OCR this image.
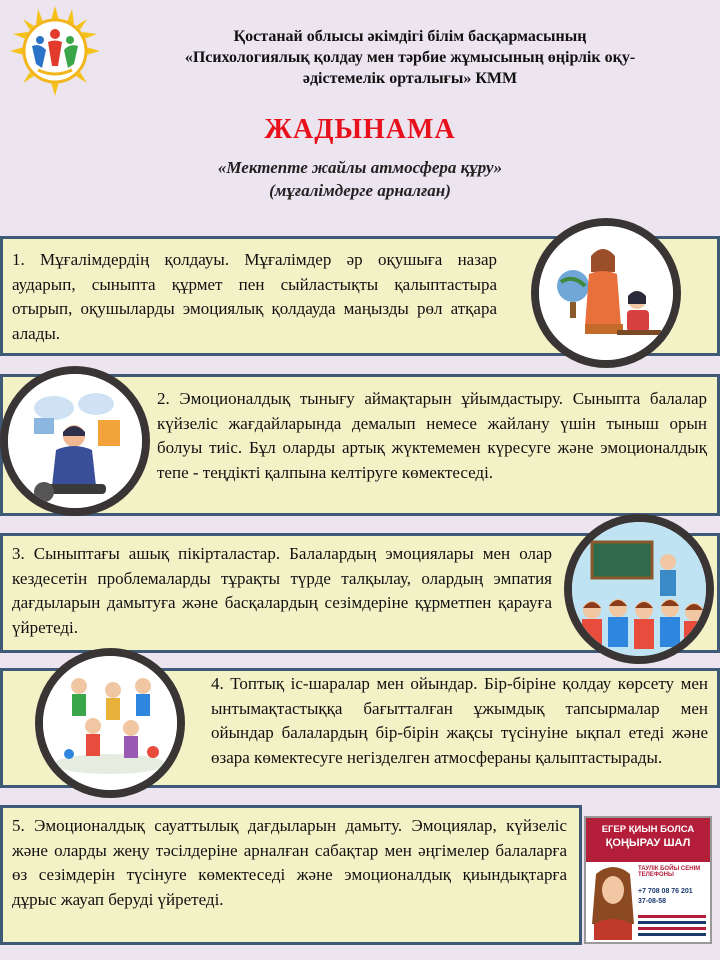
Қостанай облысы әкімдігі білім басқармасының
«Психологиялық қолдау мен тәрбие жұмысының өңірлік оқу-
әдістемелік орталығы» КММ
ЖАДЫНАМА
«Мектепте жайлы атмосфера құру»
(мұғалімдерге арналған)
1. Мұғалімдердің қолдауы. Мұғалімдер әр оқушыға назар аударып, сыныпта құрмет пен сыйластықты қалыптастыра отырып, оқушыларды эмоциялық қолдауда маңызды рөл атқара алады.
2. Эмоционалдық тынығу аймақтарын ұйымдастыру. Сыныпта балалар күйзеліс жағдайларында демалып немесе жайлану үшін тыныш орын болуы тиіс. Бұл оларды артық жүктемемен күресуге және эмоционалдық тепе - теңдікті қалпына келтіруге көмектеседі.
3. Сыныптағы ашық пікірталастар. Балалардың эмоциялары мен олар кездесетін проблемаларды тұрақты түрде талқылау, олардың эмпатия дағдыларын дамытуға және басқалардың сезімдеріне құрметпен қарауға үйретеді.
4. Топтық іс-шаралар мен ойындар. Бір-біріне қолдау көрсету мен ынтымақтастыққа бағытталған ұжымдық тапсырмалар мен ойындар балалардың бір-бірін жақсы түсінуіне ықпал етеді және өзара көмектесуге негізделген атмосфераны қалыптастырады.
5. Эмоционалдық сауаттылық дағдыларын дамыту. Эмоциялар, күйзеліс және оларды жеңу тәсілдеріне арналған сабақтар мен әңгімелер балаларға өз сезімдерін түсінуге көмектеседі және эмоционалдық қиындықтарға дұрыс жауап беруді үйретеді.
ЕГЕР ҚИЫН БОЛСА
ҚОҢЫРАУ ШАЛ
ТАУЛІК БОЙЫ СЕНІМ ТЕЛЕФОНЫ
+7 708 08 76 201
37-08-58
